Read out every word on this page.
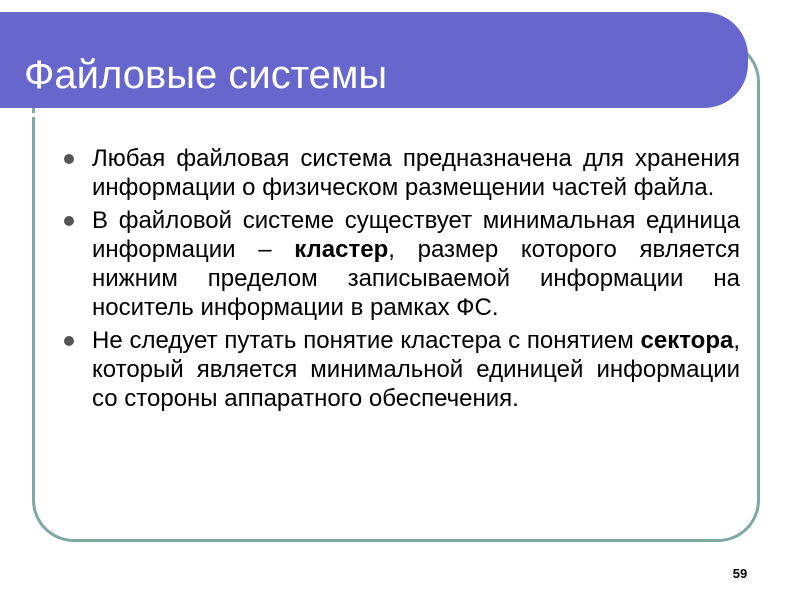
Файловые системы
Любая файловая система предназначена для хранения информации о физическом размещении частей файла.
В файловой системе существует минимальная единица информации – кластер, размер которого является нижним пределом записываемой информации на носитель информации в рамках ФС.
Не следует путать понятие кластера с понятием сектора, который является минимальной единицей информации со стороны аппаратного обеспечения.
59
